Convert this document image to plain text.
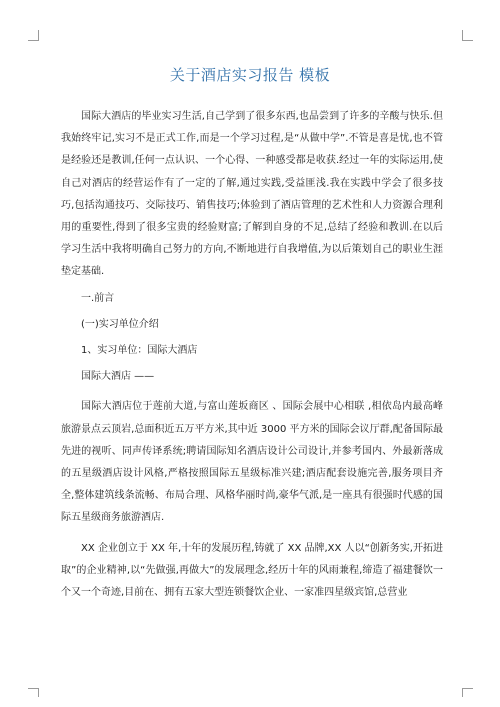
关于酒店实习报告 模板

国际大酒店的毕业实习生活,自己学到了很多东西,也品尝到了许多的辛酸与快乐.但我始终牢记,实习不是正式工作,而是一个学习过程,是“从做中学”.不管是喜是忧,也不管是经验还是教训,任何一点认识、一个心得、一种感受都是收获.经过一年的实际运用,使自己对酒店的经营运作有了一定的了解,通过实践,受益匪浅.我在实践中学会了很多技巧,包括沟通技巧、交际技巧、销售技巧;体验到了酒店管理的艺术性和人力资源合理利用的重要性,得到了很多宝贵的经验财富;了解到自身的不足,总结了经验和教训.在以后学习生活中我将明确自己努力的方向,不断地进行自我增值,为以后策划自己的职业生涯垫定基础.

一.前言

(一)实习单位介绍

1、实习单位：国际大酒店

国际大酒店 ——

国际大酒店位于莲前大道,与富山莲坂商区 、国际会展中心相联 ,相依岛内最高峰旅游景点云顶岩,总面积近五万平方米,其中近 3000 平方米的国际会议厅群,配备国际最先进的视听、同声传译系统;聘请国际知名酒店设计公司设计,并参考国内、外最新落成的五星级酒店设计风格,严格按照国际五星级标准兴建;酒店配套设施完善,服务项目齐全,整体建筑线条流畅、布局合理、风格华丽时尚,豪华气派,是一座具有很强时代感的国际五星级商务旅游酒店.

XX 企业创立于 XX 年,十年的发展历程,铸就了 XX 品牌,XX 人以“创新务实,开拓进取”的企业精神,以“先做强,再做大”的发展理念,经历十年的风雨兼程,缔造了福建餐饮一个又一个奇迹,目前在、拥有五家大型连锁餐饮企业、一家准四星级宾馆,总营业
